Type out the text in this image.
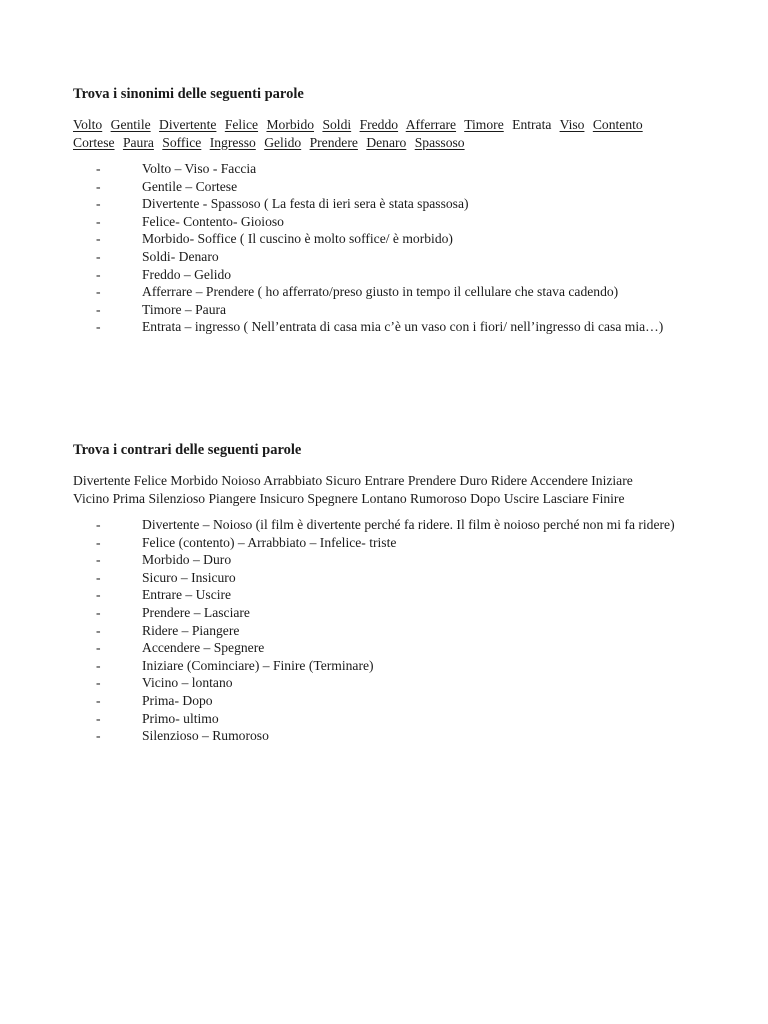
Trova i sinonimi delle seguenti parole
Volto Gentile Divertente Felice Morbido Soldi Freddo Afferrare Timore Entrata Viso Contento
Cortese Paura Soffice Ingresso Gelido Prendere Denaro Spassoso
-	Volto – Viso - Faccia
-	Gentile – Cortese
-	Divertente - Spassoso ( La festa di ieri sera è stata spassosa)
-	Felice- Contento- Gioioso
-	Morbido- Soffice ( Il cuscino è molto soffice/ è morbido)
-	Soldi- Denaro
-	Freddo – Gelido
-	Afferrare – Prendere ( ho afferrato/preso giusto in tempo il cellulare che stava cadendo)
-	Timore – Paura
-	Entrata – ingresso ( Nell’entrata di casa mia c’è un vaso con i fiori/ nell’ingresso di casa mia…)
Trova i contrari delle seguenti parole
Divertente Felice Morbido Noioso Arrabbiato Sicuro Entrare Prendere Duro Ridere Accendere Iniziare
Vicino Prima Silenzioso Piangere Insicuro Spegnere Lontano Rumoroso Dopo Uscire Lasciare Finire
-	Divertente – Noioso (il film è divertente perché fa ridere. Il film è noioso perché non mi fa ridere)
-	Felice (contento) – Arrabbiato – Infelice- triste
-	Morbido – Duro
-	Sicuro – Insicuro
-	Entrare – Uscire
-	Prendere – Lasciare
-	Ridere – Piangere
-	Accendere – Spegnere
-	Iniziare (Cominciare) – Finire (Terminare)
-	Vicino – lontano
-	Prima- Dopo
-	Primo- ultimo
-	Silenzioso – Rumoroso
